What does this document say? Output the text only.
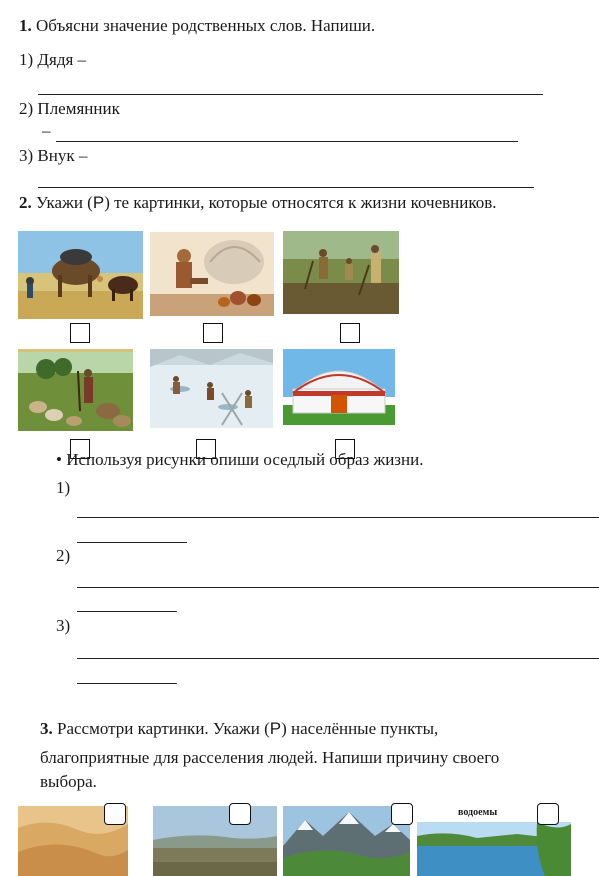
1. Объясни значение родственных слов. Напиши.
1) Дядя –
2) Племянник
–
3) Внук –
2. Укажи (Р) те картинки, которые относятся к жизни кочевников.
• Используя рисунки опиши оседлый образ жизни.
1)
2)
3)
3. Рассмотри картинки. Укажи (Р) населённые пункты,
благоприятные для расселения людей. Напиши причину своего
выбора.
водоемы
